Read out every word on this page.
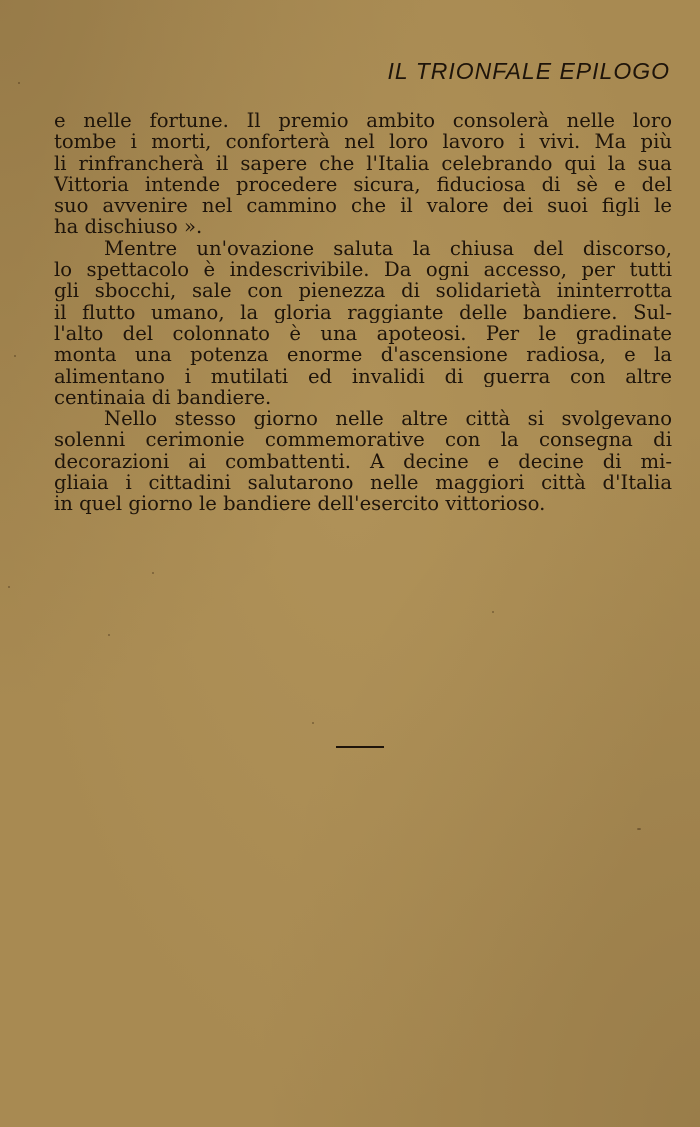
IL TRIONFALE EPILOGO
e nelle fortune. Il premio ambito consolerà nelle loro
tombe i morti, conforterà nel loro lavoro i vivi. Ma più
li rinfrancherà il sapere che l'Italia celebrando qui la sua
Vittoria intende procedere sicura, fiduciosa di sè e del
suo avvenire nel cammino che il valore dei suoi figli le
ha dischiuso ».
Mentre un'ovazione saluta la chiusa del discorso,
lo spettacolo è indescrivibile. Da ogni accesso, per tutti
gli sbocchi, sale con pienezza di solidarietà ininterrotta
il flutto umano, la gloria raggiante delle bandiere. Sul-
l'alto del colonnato è una apoteosi. Per le gradinate
monta una potenza enorme d'ascensione radiosa, e la
alimentano i mutilati ed invalidi di guerra con altre
centinaia di bandiere.
Nello stesso giorno nelle altre città si svolgevano
solenni cerimonie commemorative con la consegna di
decorazioni ai combattenti. A decine e decine di mi-
gliaia i cittadini salutarono nelle maggiori città d'Italia
in quel giorno le bandiere dell'esercito vittorioso.
